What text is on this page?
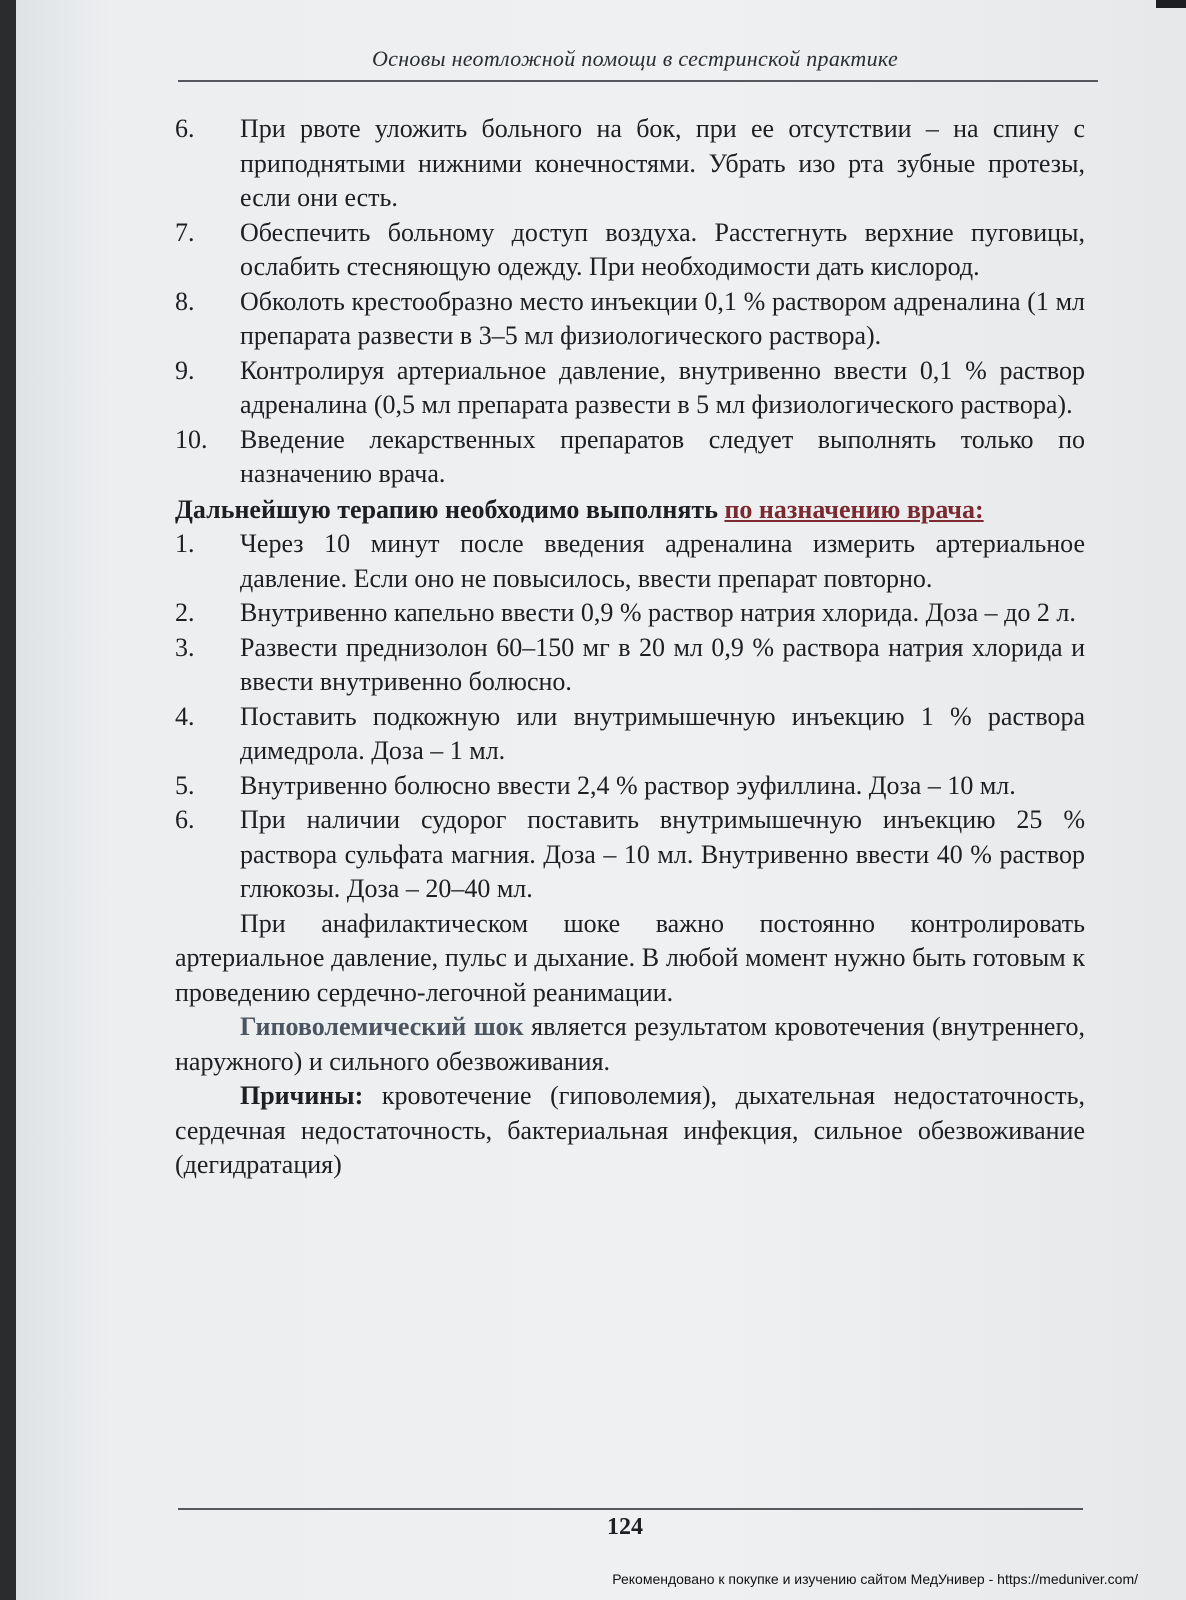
Основы неотложной помощи в сестринской практике
6.	При рвоте уложить больного на бок, при ее отсутствии – на спину с приподнятыми нижними конечностями. Убрать изо рта зубные протезы, если они есть.
7.	Обеспечить больному доступ воздуха. Расстегнуть верхние пуговицы, ослабить стесняющую одежду. При необходимости дать кислород.
8.	Обколоть крестообразно место инъекции 0,1 % раствором адреналина (1 мл препарата развести в 3–5 мл физиологического раствора).
9.	Контролируя артериальное давление, внутривенно ввести 0,1 % раствор адреналина (0,5 мл препарата развести в 5 мл физиологического раствора).
10.	Введение лекарственных препаратов следует выполнять только по назначению врача.
Дальнейшую терапию необходимо выполнять по назначению врача:
1.	Через 10 минут после введения адреналина измерить артериальное давление. Если оно не повысилось, ввести препарат повторно.
2.	Внутривенно капельно ввести 0,9 % раствор натрия хлорида. Доза – до 2 л.
3.	Развести преднизолон 60–150 мг в 20 мл 0,9 % раствора натрия хлорида и ввести внутривенно болюсно.
4.	Поставить подкожную или внутримышечную инъекцию 1 % раствора димедрола. Доза – 1 мл.
5.	Внутривенно болюсно ввести 2,4 % раствор эуфиллина. Доза – 10 мл.
6.	При наличии судорог поставить внутримышечную инъекцию 25 % раствора сульфата магния. Доза – 10 мл. Внутривенно ввести 40 % раствор глюкозы. Доза – 20–40 мл.
При анафилактическом шоке важно постоянно контролировать артериальное давление, пульс и дыхание. В любой момент нужно быть готовым к проведению сердечно-легочной реанимации.
Гиповолемический шок является результатом кровотечения (внутреннего, наружного) и сильного обезвоживания.
Причины: кровотечение (гиповолемия), дыхательная недостаточность, сердечная недостаточность, бактериальная инфекция, сильное обезвоживание (дегидратация)
124
Рекомендовано к покупке и изучению сайтом МедУнивер - https://meduniver.com/
